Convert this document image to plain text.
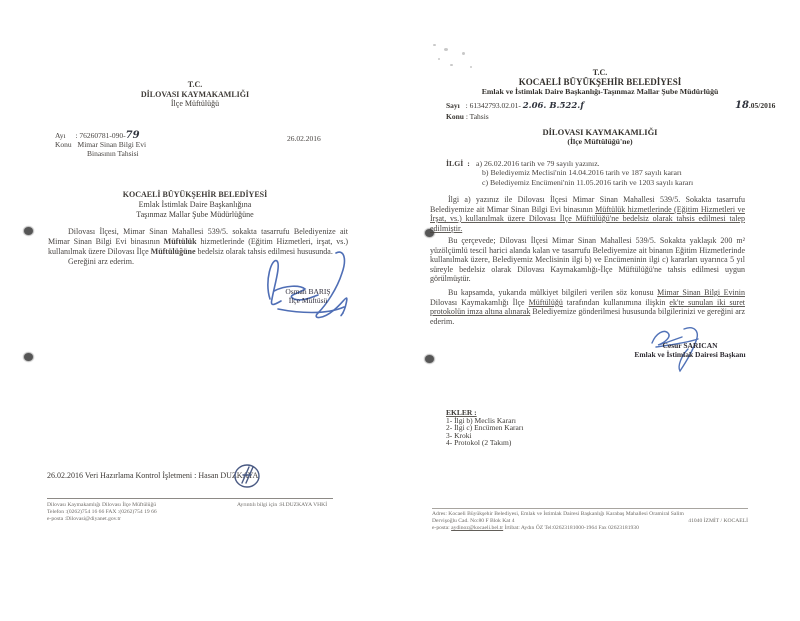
T.C.
DİLOVASI KAYMAKAMLIĞI
İlçe Müftülüğü
Ayı : 76260781-090-79
Konu Mimar Sinan Bilgi Evi
Binasının Tahsisi
26.02.2016
KOCAELİ BÜYÜKŞEHİR BELEDİYESİ
Emlak İstimlak Daire Başkanlığına
Taşınmaz Mallar Şube Müdürlüğüne
Dilovası İlçesi, Mimar Sinan Mahallesi 539/5. sokakta tasarrufu Belediyenize ait Mimar Sinan Bilgi Evi binasının Müftülük hizmetlerinde (Eğitim Hizmetleri, irşat, vs.) kullanılmak üzere Dilovası İlçe Müftülüğüne bedelsiz olarak tahsis edilmesi hususunda.
Gereğini arz ederim.
Osman BARIŞ
İlçe Müftüsü
26.02.2016 Veri Hazırlama Kontrol İşletmeni : Hasan DUZKAYA
Dilovası Kaymakamlığı Dilovası İlçe Müftülüğü
Telefon :(0262)754 16 66 FAX :(0262)754 19 66
e-posta :Dilovasi@diyanet.gov.tr
Ayrıntılı bilgi için :H.DUZKAYA VHKİ
T.C.
KOCAELİ BÜYÜKŞEHİR BELEDİYESİ
Emlak ve İstimlak Daire Başkanlığı-Taşınmaz Mallar Şube Müdürlüğü
Sayı : 61342793.02.01- 2.06. B.522.f
Konu : Tahsis
18.05/2016
DİLOVASI KAYMAKAMLIĞI
(İlçe Müftülüğü'ne)
İLGİ : a) 26.02.2016 tarih ve 79 sayılı yazınız.
b) Belediyemiz Meclisi'nin 14.04.2016 tarih ve 187 sayılı kararı
c) Belediyemiz Encümeni'nin 11.05.2016 tarih ve 1203 sayılı kararı
İlgi a) yazınız ile Dilovası İlçesi Mimar Sinan Mahallesi 539/5. Sokakta tasarrufu Belediyemize ait Mimar Sinan Bilgi Evi binasının Müftülük hizmetlerinde (Eğitim Hizmetleri ve İrşat, vs.) kullanılmak üzere Dilovası İlçe Müftülüğü'ne bedelsiz olarak tahsis edilmesi talep edilmiştir.
Bu çerçevede; Dilovası İlçesi Mimar Sinan Mahallesi 539/5. Sokakta yaklaşık 200 m² yüzölçümlü tescil harici alanda kalan ve tasarrufu Belediyemize ait binanın Eğitim Hizmetlerinde kullanılmak üzere, Belediyemiz Meclisinin ilgi b) ve Encümeninin ilgi c) kararları uyarınca 5 yıl süreyle bedelsiz olarak Dilovası Kaymakamlığı-İlçe Müftülüğü'ne tahsis edilmesi uygun görülmüştür.
Bu kapsamda, yukarıda mülkiyet bilgileri verilen söz konusu Mimar Sinan Bilgi Evinin Dilovası Kaymakamlığı İlçe Müftülüğü tarafından kullanımına ilişkin ek'te sunulan iki suret protokolün imza altına alınarak Belediyemize gönderilmesi hususunda bilgilerinizi ve gereğini arz ederim.
Cesur SARICAN
Emlak ve İstimlak Dairesi Başkanı
EKLER :
1- İlgi b) Meclis Kararı
2- İlgi c) Encümen Kararı
3- Kroki
4- Protokol (2 Takım)
Adres: Kocaeli Büyükşehir Belediyesi, Emlak ve İstimlak Dairesi Başkanlığı Karabaş Mahallesi Oramiral Salim
Dervişoğlu Cad. No:80 F Blok Kat 4	41040 İZMİT / KOCAELİ
e-posta: aydinoz@kocaeli.bel.tr İrtibat: Aydın ÖZ Tel:02623181000-1964 Fax 02623181930
